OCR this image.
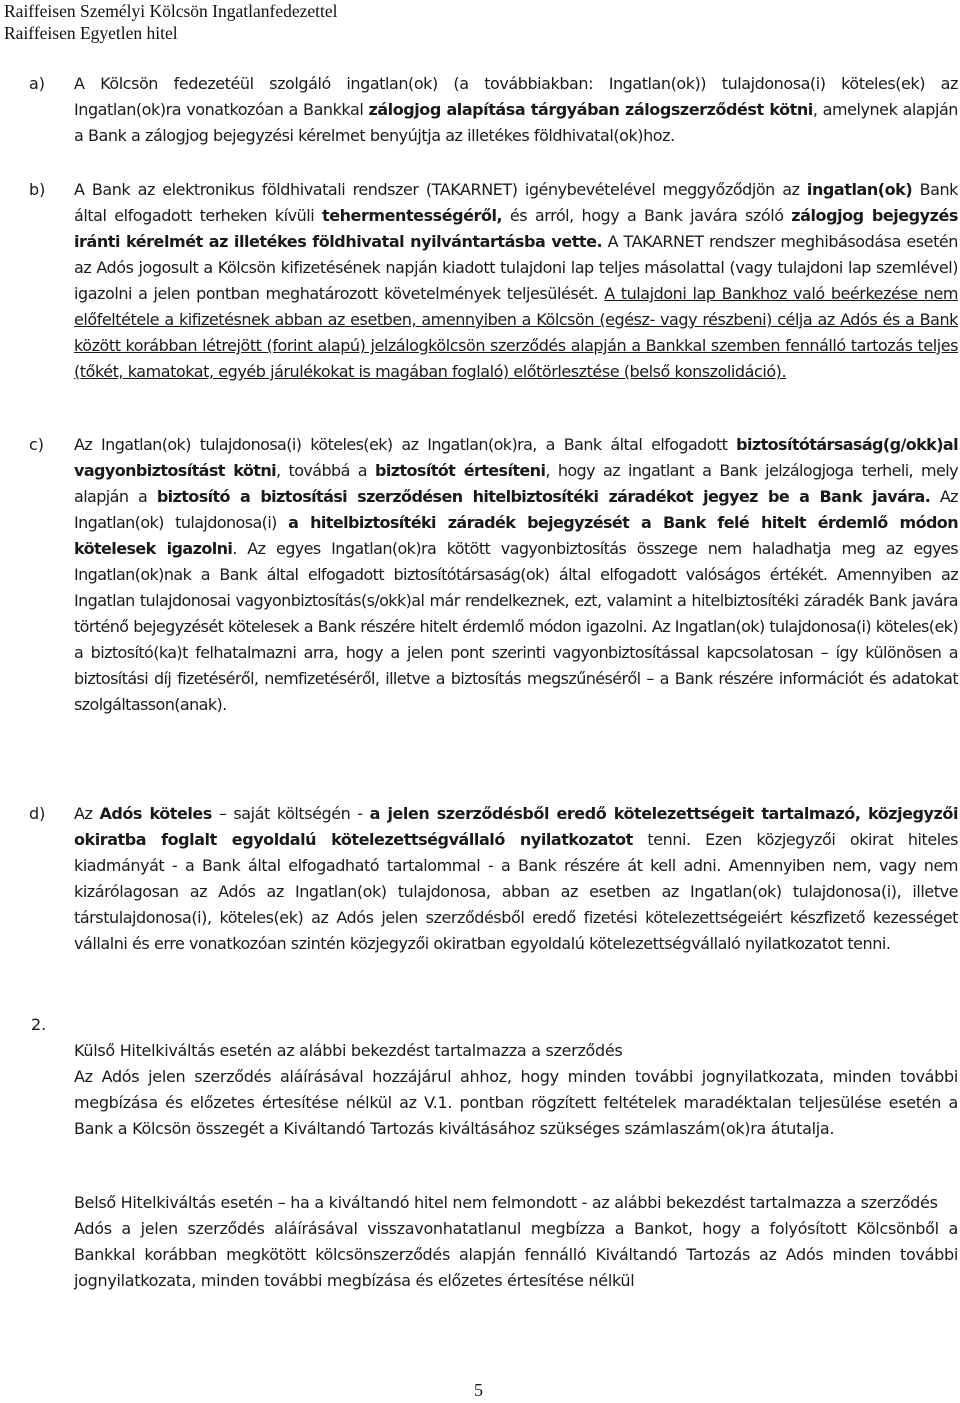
Raiffeisen Személyi Kölcsön Ingatlanfedezettel
Raiffeisen Egyetlen hitel
a) A Kölcsön fedezetéül szolgáló ingatlan(ok) (a továbbiakban: Ingatlan(ok)) tulajdonosa(i) köteles(ek) az Ingatlan(ok)ra vonatkozóan a Bankkal zálogjog alapítása tárgyában zálogszerződést kötni, amelynek alapján a Bank a zálogjog bejegyzési kérelmet benyújtja az illetékes földhivatal(ok)hoz.
b) A Bank az elektronikus földhivatali rendszer (TAKARNET) igénybevételével meggyőződjön az ingatlan(ok) Bank által elfogadott terheken kívüli tehermentességéről, és arról, hogy a Bank javára szóló zálogjog bejegyzés iránti kérelmét az illetékes földhivatal nyilvántartásba vette. A TAKARNET rendszer meghibásodása esetén az Adós jogosult a Kölcsön kifizetésének napján kiadott tulajdoni lap teljes másolattal (vagy tulajdoni lap szemlével) igazolni a jelen pontban meghatározott követelmények teljesülését. A tulajdoni lap Bankhoz való beérkezése nem előfeltétele a kifizetésnek abban az esetben, amennyiben a Kölcsön (egész- vagy részbeni) célja az Adós és a Bank között korábban létrejött (forint alapú) jelzálogkölcsön szerződés alapján a Bankkal szemben fennálló tartozás teljes (tőkét, kamatokat, egyéb járulékokat is magában foglaló) előtörlesztése (belső konszolidáció).
c) Az Ingatlan(ok) tulajdonosa(i) köteles(ek) az Ingatlan(ok)ra, a Bank által elfogadott biztosítótársaság(g/okk)al vagyonbiztosítást kötni, továbbá a biztosítót értesíteni, hogy az ingatlant a Bank jelzálogjoga terheli, mely alapján a biztosító a biztosítási szerződésen hitelbiztosítéki záradékot jegyez be a Bank javára. Az Ingatlan(ok) tulajdonosa(i) a hitelbiztosítéki záradék bejegyzését a Bank felé hitelt érdemlő módon kötelesek igazolni. Az egyes Ingatlan(ok)ra kötött vagyonbiztosítás összege nem haladhatja meg az egyes Ingatlan(ok)nak a Bank által elfogadott biztosítótársaság(ok) által elfogadott valóságos értékét. Amennyiben az Ingatlan tulajdonosai vagyonbiztosítás(s/okk)al már rendelkeznek, ezt, valamint a hitelbiztosítéki záradék Bank javára történő bejegyzését kötelesek a Bank részére hitelt érdemlő módon igazolni. Az Ingatlan(ok) tulajdonosa(i) köteles(ek) a biztosító(ka)t felhatalmazni arra, hogy a jelen pont szerinti vagyonbiztosítással kapcsolatosan – így különösen a biztosítási díj fizetéséről, nemfizetéséről, illetve a biztosítás megszűnéséről – a Bank részére információt és adatokat szolgáltasson(anak).
d) Az Adós köteles – saját költségén - a jelen szerződésből eredő kötelezettségeit tartalmazó, közjegyzői okiratba foglalt egyoldalú kötelezettségvállaló nyilatkozatot tenni. Ezen közjegyzői okirat hiteles kiadmányát - a Bank által elfogadható tartalommal - a Bank részére át kell adni. Amennyiben nem, vagy nem kizárólagosan az Adós az Ingatlan(ok) tulajdonosa, abban az esetben az Ingatlan(ok) tulajdonosa(i), illetve társtulajdonosa(i), köteles(ek) az Adós jelen szerződésből eredő fizetési kötelezettségeiért készfizető kezességet vállalni és erre vonatkozóan szintén közjegyzői okiratban egyoldalú kötelezettségvállaló nyilatkozatot tenni.
2.
Külső Hitelkiváltás esetén az alábbi bekezdést tartalmazza a szerződés
Az Adós jelen szerződés aláírásával hozzájárul ahhoz, hogy minden további jognyilatkozata, minden további megbízása és előzetes értesítése nélkül az V.1. pontban rögzített feltételek maradéktalan teljesülése esetén a Bank a Kölcsön összegét a Kiváltandó Tartozás kiváltásához szükséges számlaszám(ok)ra átutalja.
Belső Hitelkiváltás esetén – ha a kiváltandó hitel nem felmondott - az alábbi bekezdést tartalmazza a szerződés
Adós a jelen szerződés aláírásával visszavonhatatlanul megbízza a Bankot, hogy a folyósított Kölcsönből a Bankkal korábban megkötött kölcsönszerződés alapján fennálló Kiváltandó Tartozás az Adós minden további jognyilatkozata, minden további megbízása és előzetes értesítése nélkül
5
